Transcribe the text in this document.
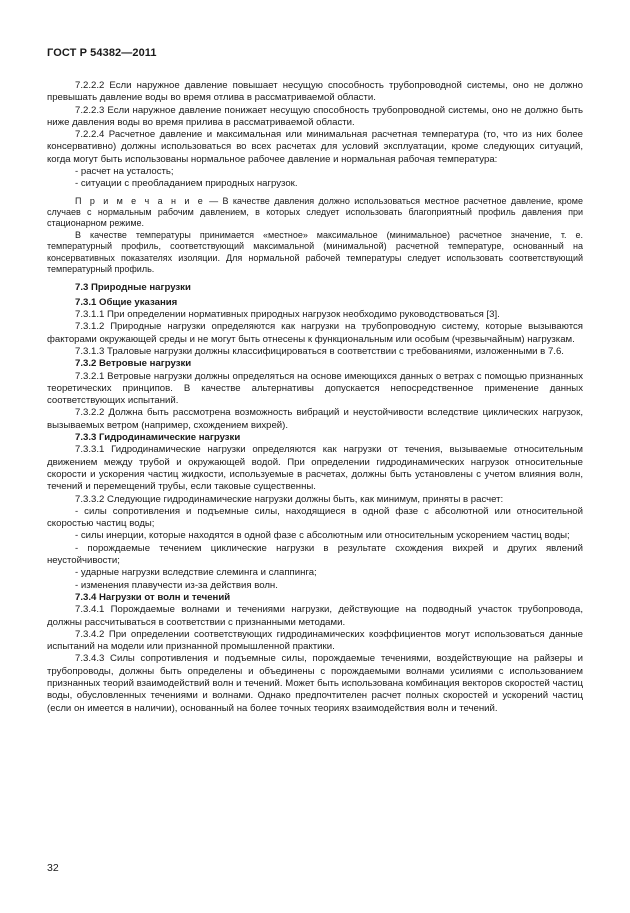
ГОСТ Р 54382—2011

7.2.2.2 Если наружное давление повышает несущую способность трубопроводной системы, оно не должно превышать давление воды во время отлива в рассматриваемой области.

7.2.2.3 Если наружное давление понижает несущую способность трубопроводной системы, оно не должно быть ниже давления воды во время прилива в рассматриваемой области.

7.2.2.4 Расчетное давление и максимальная или минимальная расчетная температура (то, что из них более консервативно) должны использоваться во всех расчетах для условий эксплуатации, кроме следующих ситуаций, когда могут быть использованы нормальное рабочее давление и нормальная рабочая температура:

- расчет на усталость;

- ситуации с преобладанием природных нагрузок.

П р и м е ч а н и е — В качестве давления должно использоваться местное расчетное давление, кроме случаев с нормальным рабочим давлением, в которых следует использовать благоприятный профиль давления при стационарном режиме.

В качестве температуры принимается «местное» максимальное (минимальное) расчетное значение, т. е. температурный профиль, соответствующий максимальной (минимальной) расчетной температуре, основанный на консервативных показателях изоляции. Для нормальной рабочей температуры следует использовать соответствующий температурный профиль.

7.3 Природные нагрузки
7.3.1 Общие указания

7.3.1.1 При определении нормативных природных нагрузок необходимо руководствоваться [3].

7.3.1.2 Природные нагрузки определяются как нагрузки на трубопроводную систему, которые вызываются факторами окружающей среды и не могут быть отнесены к функциональным или особым (чрезвычайным) нагрузкам.

7.3.1.3 Траловые нагрузки должны классифицироваться в соответствии с требованиями, изложенными в 7.6.

7.3.2 Ветровые нагрузки

7.3.2.1 Ветровые нагрузки должны определяться на основе имеющихся данных о ветрах с помощью признанных теоретических принципов. В качестве альтернативы допускается непосредственное применение данных соответствующих испытаний.

7.3.2.2 Должна быть рассмотрена возможность вибраций и неустойчивости вследствие циклических нагрузок, вызываемых ветром (например, схождением вихрей).

7.3.3 Гидродинамические нагрузки

7.3.3.1 Гидродинамические нагрузки определяются как нагрузки от течения, вызываемые относительным движением между трубой и окружающей водой. При определении гидродинамических нагрузок относительные скорости и ускорения частиц жидкости, используемые в расчетах, должны быть установлены с учетом влияния волн, течений и перемещений трубы, если таковые существенны.

7.3.3.2 Следующие гидродинамические нагрузки должны быть, как минимум, приняты в расчет:

- силы сопротивления и подъемные силы, находящиеся в одной фазе с абсолютной или относительной скоростью частиц воды;

- силы инерции, которые находятся в одной фазе с абсолютным или относительным ускорением частиц воды;

- порождаемые течением циклические нагрузки в результате схождения вихрей и других явлений неустойчивости;

- ударные нагрузки вследствие слеминга и слаппинга;

- изменения плавучести из-за действия волн.

7.3.4 Нагрузки от волн и течений

7.3.4.1 Порождаемые волнами и течениями нагрузки, действующие на подводный участок трубопровода, должны рассчитываться в соответствии с признанными методами.

7.3.4.2 При определении соответствующих гидродинамических коэффициентов могут использоваться данные испытаний на модели или признанной промышленной практики.

7.3.4.3 Силы сопротивления и подъемные силы, порождаемые течениями, воздействующие на райзеры и трубопроводы, должны быть определены и объединены с порождаемыми волнами усилиями с использованием признанных теорий взаимодействий волн и течений. Может быть использована комбинация векторов скоростей частиц воды, обусловленных течениями и волнами. Однако предпочтителен расчет полных скоростей и ускорений частиц (если он имеется в наличии), основанный на более точных теориях взаимодействия волн и течений.

32
